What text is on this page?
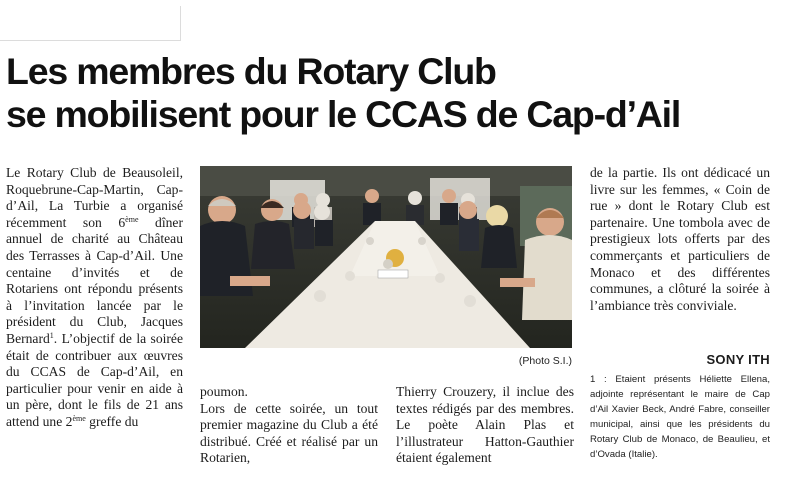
Les membres du Rotary Club
se mobilisent pour le CCAS de Cap-d’Ail

Le Rotary Club de Beausoleil, Roquebrune-Cap-Martin, Cap-d’Ail, La Turbie a organisé récemment son 6ème dîner annuel de charité au Château des Terrasses à Cap-d’Ail. Une centaine d’invités et de Rotariens ont répondu présents à l’invitation lancée par le président du Club, Jacques Bernard$^1$. L’objectif de la soirée était de contribuer aux œuvres du CCAS de Cap-d’Ail, en particulier pour venir en aide à un père, dont le fils de 21 ans attend une 2ème greffe du

(Photo S.I.)

poumon.

Lors de cette soirée, un tout premier magazine du Club a été distribué. Créé et réalisé par un Rotarien,

Thierry Crouzery, il inclue des textes rédigés par des membres. Le poète Alain Plas et l’illustrateur Hatton-Gauthier étaient également

de la partie. Ils ont dédicacé un livre sur les femmes, « Coin de rue » dont le Rotary Club est partenaire. Une tombola avec de prestigieux lots offerts par des commerçants et particuliers de Monaco et des différentes communes, a clôturé la soirée à l’ambiance très conviviale.

SONY ITH

1 : Etaient présents Héliette Ellena, adjointe représentant le maire de Cap d’Ail Xavier Beck, André Fabre, conseiller municipal, ainsi que les présidents du Rotary Club de Monaco, de Beaulieu, et d’Ovada (Italie).
